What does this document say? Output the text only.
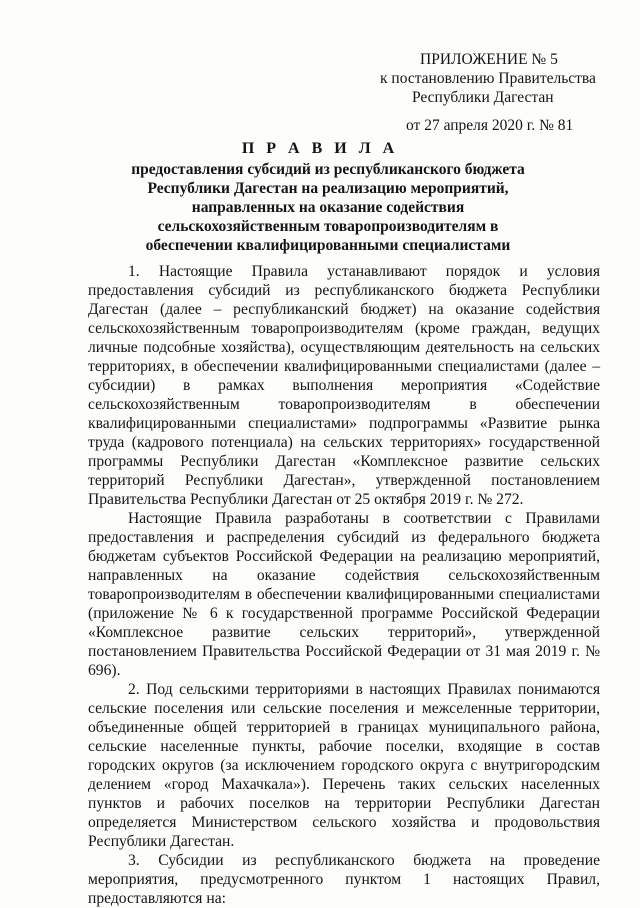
ПРИЛОЖЕНИЕ № 5
к постановлению Правительства
Республики Дагестан
от 27 апреля 2020 г. № 81
П Р А В И Л А
предоставления субсидий из республиканского бюджета Республики Дагестан на реализацию мероприятий, направленных на оказание содействия сельскохозяйственным товаропроизводителям в обеспечении квалифицированными специалистами

1. Настоящие Правила устанавливают порядок и условия предоставления субсидий из республиканского бюджета Республики Дагестан (далее – республиканский бюджет) на оказание содействия сельскохозяйственным товаропроизводителям (кроме граждан, ведущих личные подсобные хозяйства), осуществляющим деятельность на сельских территориях, в обеспечении квалифицированными специалистами (далее – субсидии) в рамках выполнения мероприятия «Содействие сельскохозяйственным товаропроизводителям в обеспечении квалифицированными специалистами» подпрограммы «Развитие рынка труда (кадрового потенциала) на сельских территориях» государственной программы Республики Дагестан «Комплексное развитие сельских территорий Республики Дагестан», утвержденной постановлением Правительства Республики Дагестан от 25 октября 2019 г. № 272.

Настоящие Правила разработаны в соответствии с Правилами предоставления и распределения субсидий из федерального бюджета бюджетам субъектов Российской Федерации на реализацию мероприятий, направленных на оказание содействия сельскохозяйственным товаропроизводителям в обеспечении квалифицированными специалистами (приложение № 6 к государственной программе Российской Федерации «Комплексное развитие сельских территорий», утвержденной постановлением Правительства Российской Федерации от 31 мая 2019 г. № 696).

2. Под сельскими территориями в настоящих Правилах понимаются сельские поселения или сельские поселения и межселенные территории, объединенные общей территорией в границах муниципального района, сельские населенные пункты, рабочие поселки, входящие в состав городских округов (за исключением городского округа с внутригородским делением «город Махачкала»). Перечень таких сельских населенных пунктов и рабочих поселков на территории Республики Дагестан определяется Министерством сельского хозяйства и продовольствия Республики Дагестан.

3. Субсидии из республиканского бюджета на проведение мероприятия, предусмотренного пунктом 1 настоящих Правил, предоставляются на:
